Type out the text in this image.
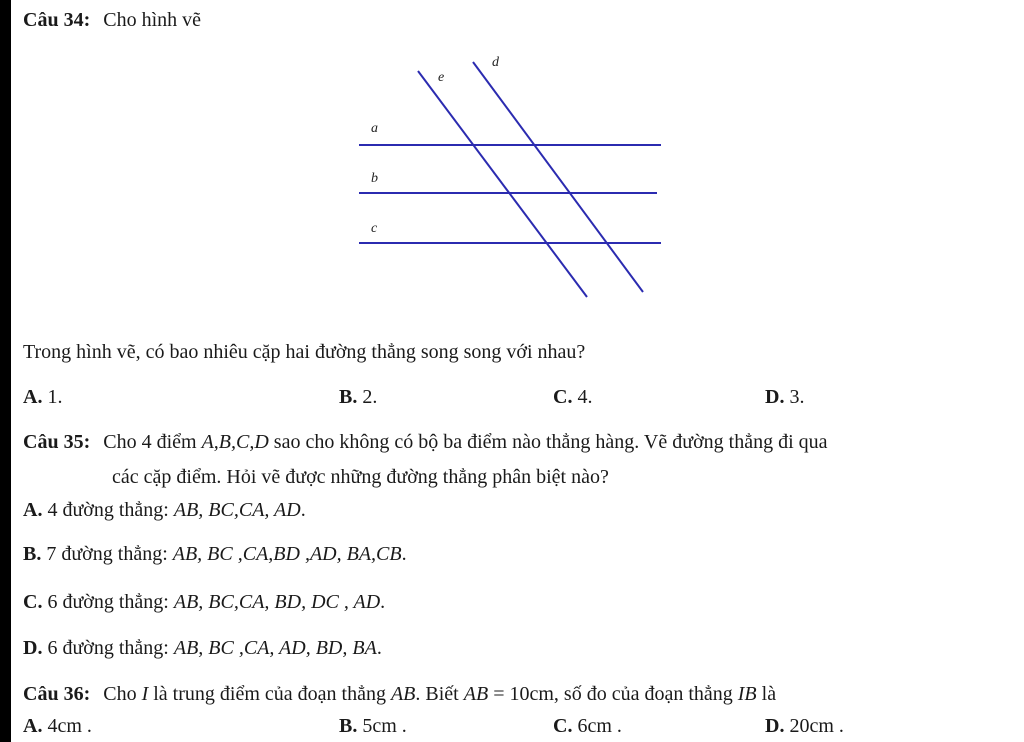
Câu 34: Cho hình vẽ
d
e
a
b
c
Trong hình vẽ, có bao nhiêu cặp hai đường thẳng song song với nhau?
A. 1.	B. 2.	C. 4.	D. 3.
Câu 35: Cho 4 điểm A,B,C,D sao cho không có bộ ba điểm nào thẳng hàng. Vẽ đường thẳng đi qua
các cặp điểm. Hỏi vẽ được những đường thẳng phân biệt nào?
A. 4 đường thẳng: AB, BC,CA, AD.
B. 7 đường thẳng: AB, BC ,CA,BD ,AD, BA,CB.
C. 6 đường thẳng: AB, BC,CA, BD, DC , AD.
D. 6 đường thẳng: AB, BC ,CA, AD, BD, BA.
Câu 36: Cho I là trung điểm của đoạn thẳng AB. Biết AB = 10cm, số đo của đoạn thẳng IB là
A. 4cm .	B. 5cm .	C. 6cm .	D. 20cm .
